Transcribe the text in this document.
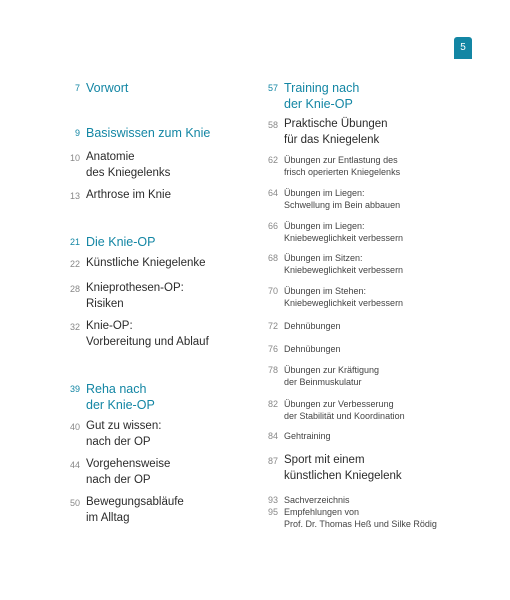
5
7 Vorwort
9 Basiswissen zum Knie
10 Anatomie
des Kniegelenks
13 Arthrose im Knie
21 Die Knie-OP
22 Künstliche Kniegelenke
28 Knieprothesen-OP:
Risiken
32 Knie-OP:
Vorbereitung und Ablauf
39 Reha nach
der Knie-OP
40 Gut zu wissen:
nach der OP
44 Vorgehensweise
nach der OP
50 Bewegungsabläufe
im Alltag
57 Training nach
der Knie-OP
58 Praktische Übungen
für das Kniegelenk
62 Übungen zur Entlastung des
frisch operierten Kniegelenks
64 Übungen im Liegen:
Schwellung im Bein abbauen
66 Übungen im Liegen:
Kniebeweglichkeit verbessern
68 Übungen im Sitzen:
Kniebeweglichkeit verbessern
70 Übungen im Stehen:
Kniebeweglichkeit verbessern
72 Dehnübungen
76 Dehnübungen
78 Übungen zur Kräftigung
der Beinmuskulatur
82 Übungen zur Verbesserung
der Stabilität und Koordination
84 Gehtraining
87 Sport mit einem
künstlichen Kniegelenk
93 Sachverzeichnis
95 Empfehlungen von
Prof. Dr. Thomas Heß und Silke Rödig
